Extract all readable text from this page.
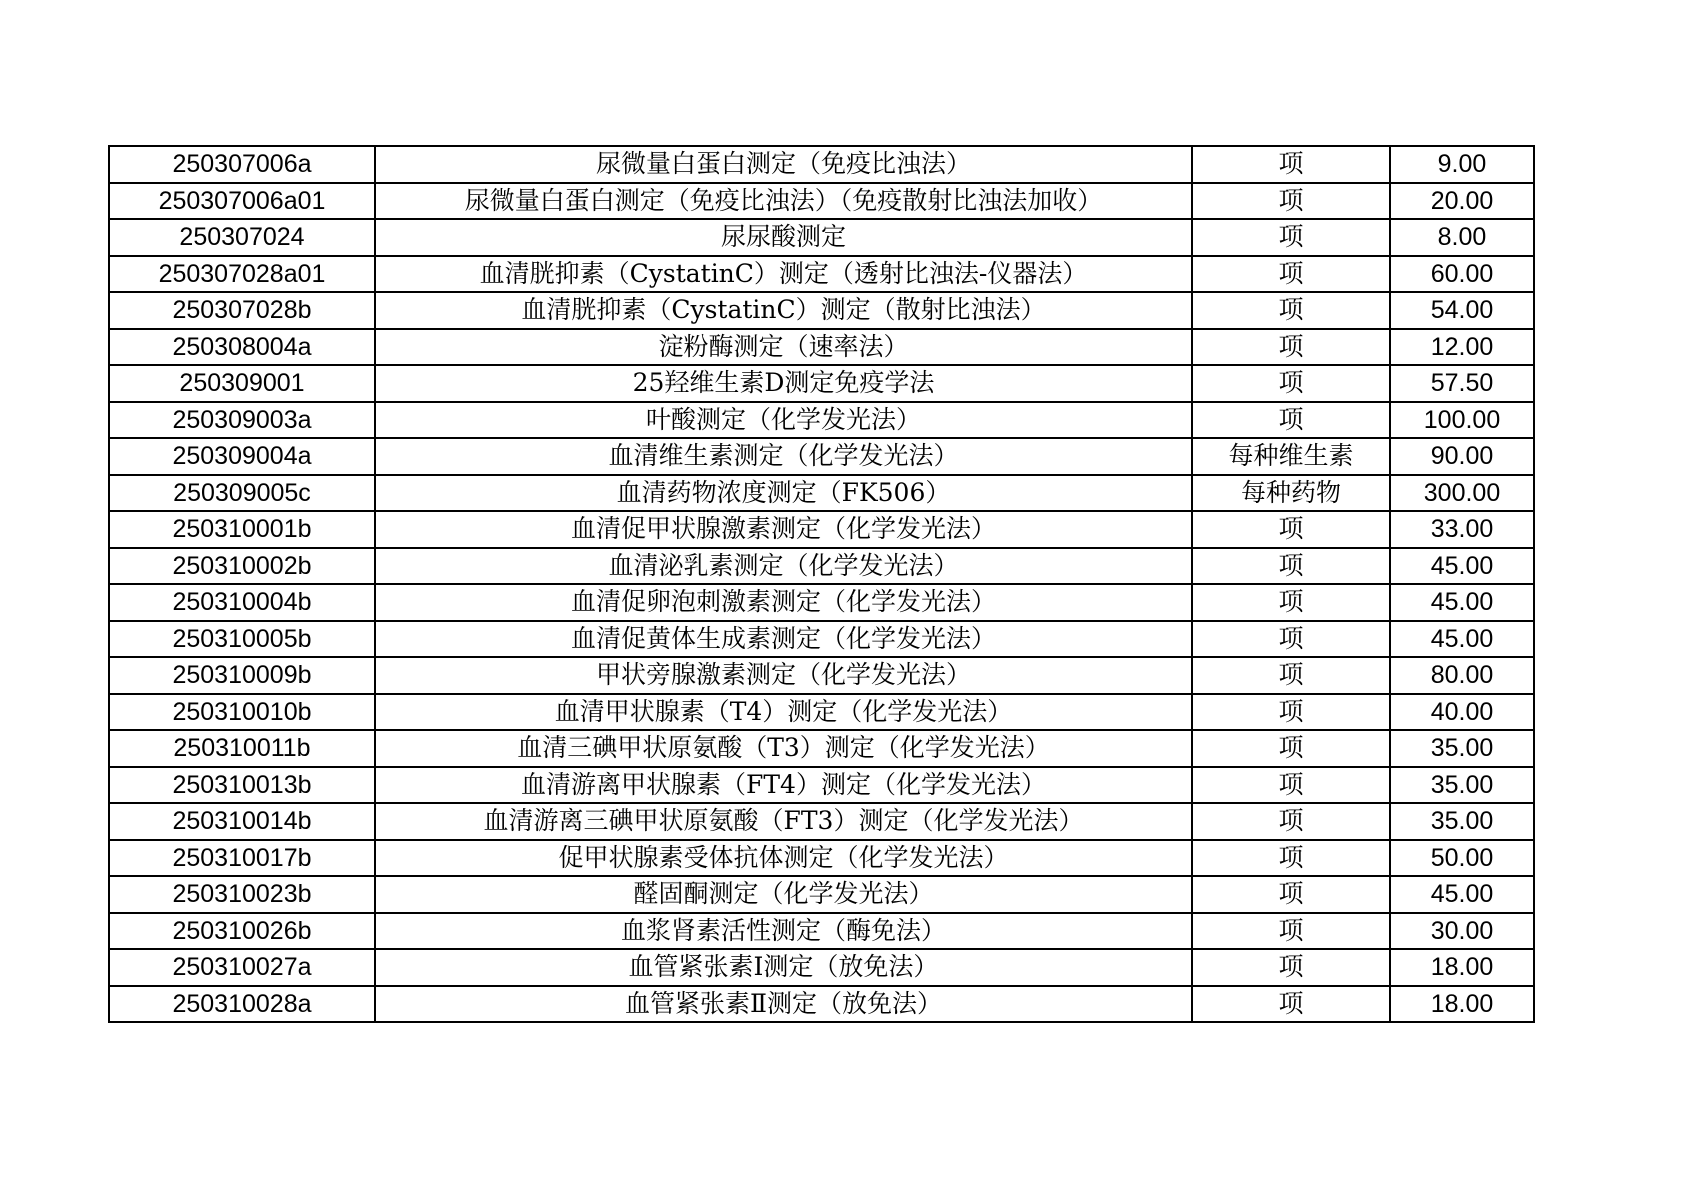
250307006a	尿微量白蛋白测定（免疫比浊法）	项	9.00
250307006a01	尿微量白蛋白测定（免疫比浊法）（免疫散射比浊法加收）	项	20.00
250307024	尿尿酸测定	项	8.00
250307028a01	血清胱抑素（CystatinC）测定（透射比浊法-仪器法）	项	60.00
250307028b	血清胱抑素（CystatinC）测定（散射比浊法）	项	54.00
250308004a	淀粉酶测定（速率法）	项	12.00
250309001	25羟维生素D测定免疫学法	项	57.50
250309003a	叶酸测定（化学发光法）	项	100.00
250309004a	血清维生素测定（化学发光法）	每种维生素	90.00
250309005c	血清药物浓度测定（FK506）	每种药物	300.00
250310001b	血清促甲状腺激素测定（化学发光法）	项	33.00
250310002b	血清泌乳素测定（化学发光法）	项	45.00
250310004b	血清促卵泡刺激素测定（化学发光法）	项	45.00
250310005b	血清促黄体生成素测定（化学发光法）	项	45.00
250310009b	甲状旁腺激素测定（化学发光法）	项	80.00
250310010b	血清甲状腺素（T4）测定（化学发光法）	项	40.00
250310011b	血清三碘甲状原氨酸（T3）测定（化学发光法）	项	35.00
250310013b	血清游离甲状腺素（FT4）测定（化学发光法）	项	35.00
250310014b	血清游离三碘甲状原氨酸（FT3）测定（化学发光法）	项	35.00
250310017b	促甲状腺素受体抗体测定（化学发光法）	项	50.00
250310023b	醛固酮测定（化学发光法）	项	45.00
250310026b	血浆肾素活性测定（酶免法）	项	30.00
250310027a	血管紧张素Ⅰ测定（放免法）	项	18.00
250310028a	血管紧张素Ⅱ测定（放免法）	项	18.00
